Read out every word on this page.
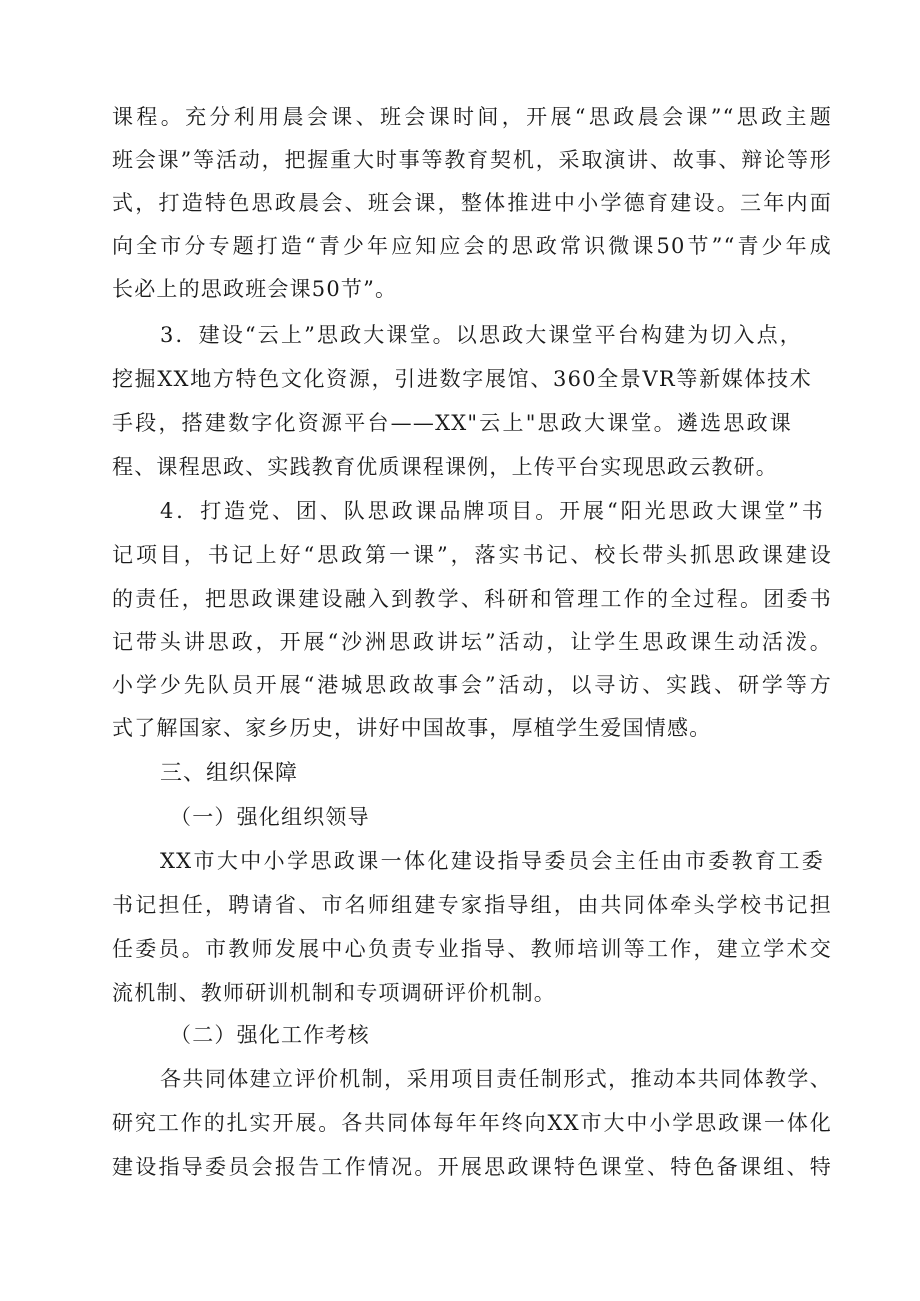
课程。充分利用晨会课、班会课时间，开展“思政晨会课”“思政主题
班会课”等活动，把握重大时事等教育契机，采取演讲、故事、辩论等形
式，打造特色思政晨会、班会课，整体推进中小学德育建设。三年内面
向全市分专题打造“青少年应知应会的思政常识微课50节”“青少年成
长必上的思政班会课50节”。
3．建设“云上”思政大课堂。以思政大课堂平台构建为切入点，
挖掘XX地方特色文化资源，引进数字展馆、360全景VR等新媒体技术
手段，搭建数字化资源平台——XX"云上"思政大课堂。遴选思政课
程、课程思政、实践教育优质课程课例，上传平台实现思政云教研。
4．打造党、团、队思政课品牌项目。开展“阳光思政大课堂”书
记项目，书记上好“思政第一课”，落实书记、校长带头抓思政课建设
的责任，把思政课建设融入到教学、科研和管理工作的全过程。团委书
记带头讲思政，开展“沙洲思政讲坛”活动，让学生思政课生动活泼。
小学少先队员开展“港城思政故事会”活动，以寻访、实践、研学等方
式了解国家、家乡历史，讲好中国故事，厚植学生爱国情感。
三、组织保障
（一）强化组织领导
XX市大中小学思政课一体化建设指导委员会主任由市委教育工委
书记担任，聘请省、市名师组建专家指导组，由共同体牵头学校书记担
任委员。市教师发展中心负责专业指导、教师培训等工作，建立学术交
流机制、教师研训机制和专项调研评价机制。
（二）强化工作考核
各共同体建立评价机制，采用项目责任制形式，推动本共同体教学、
研究工作的扎实开展。各共同体每年年终向XX市大中小学思政课一体化
建设指导委员会报告工作情况。开展思政课特色课堂、特色备课组、特
